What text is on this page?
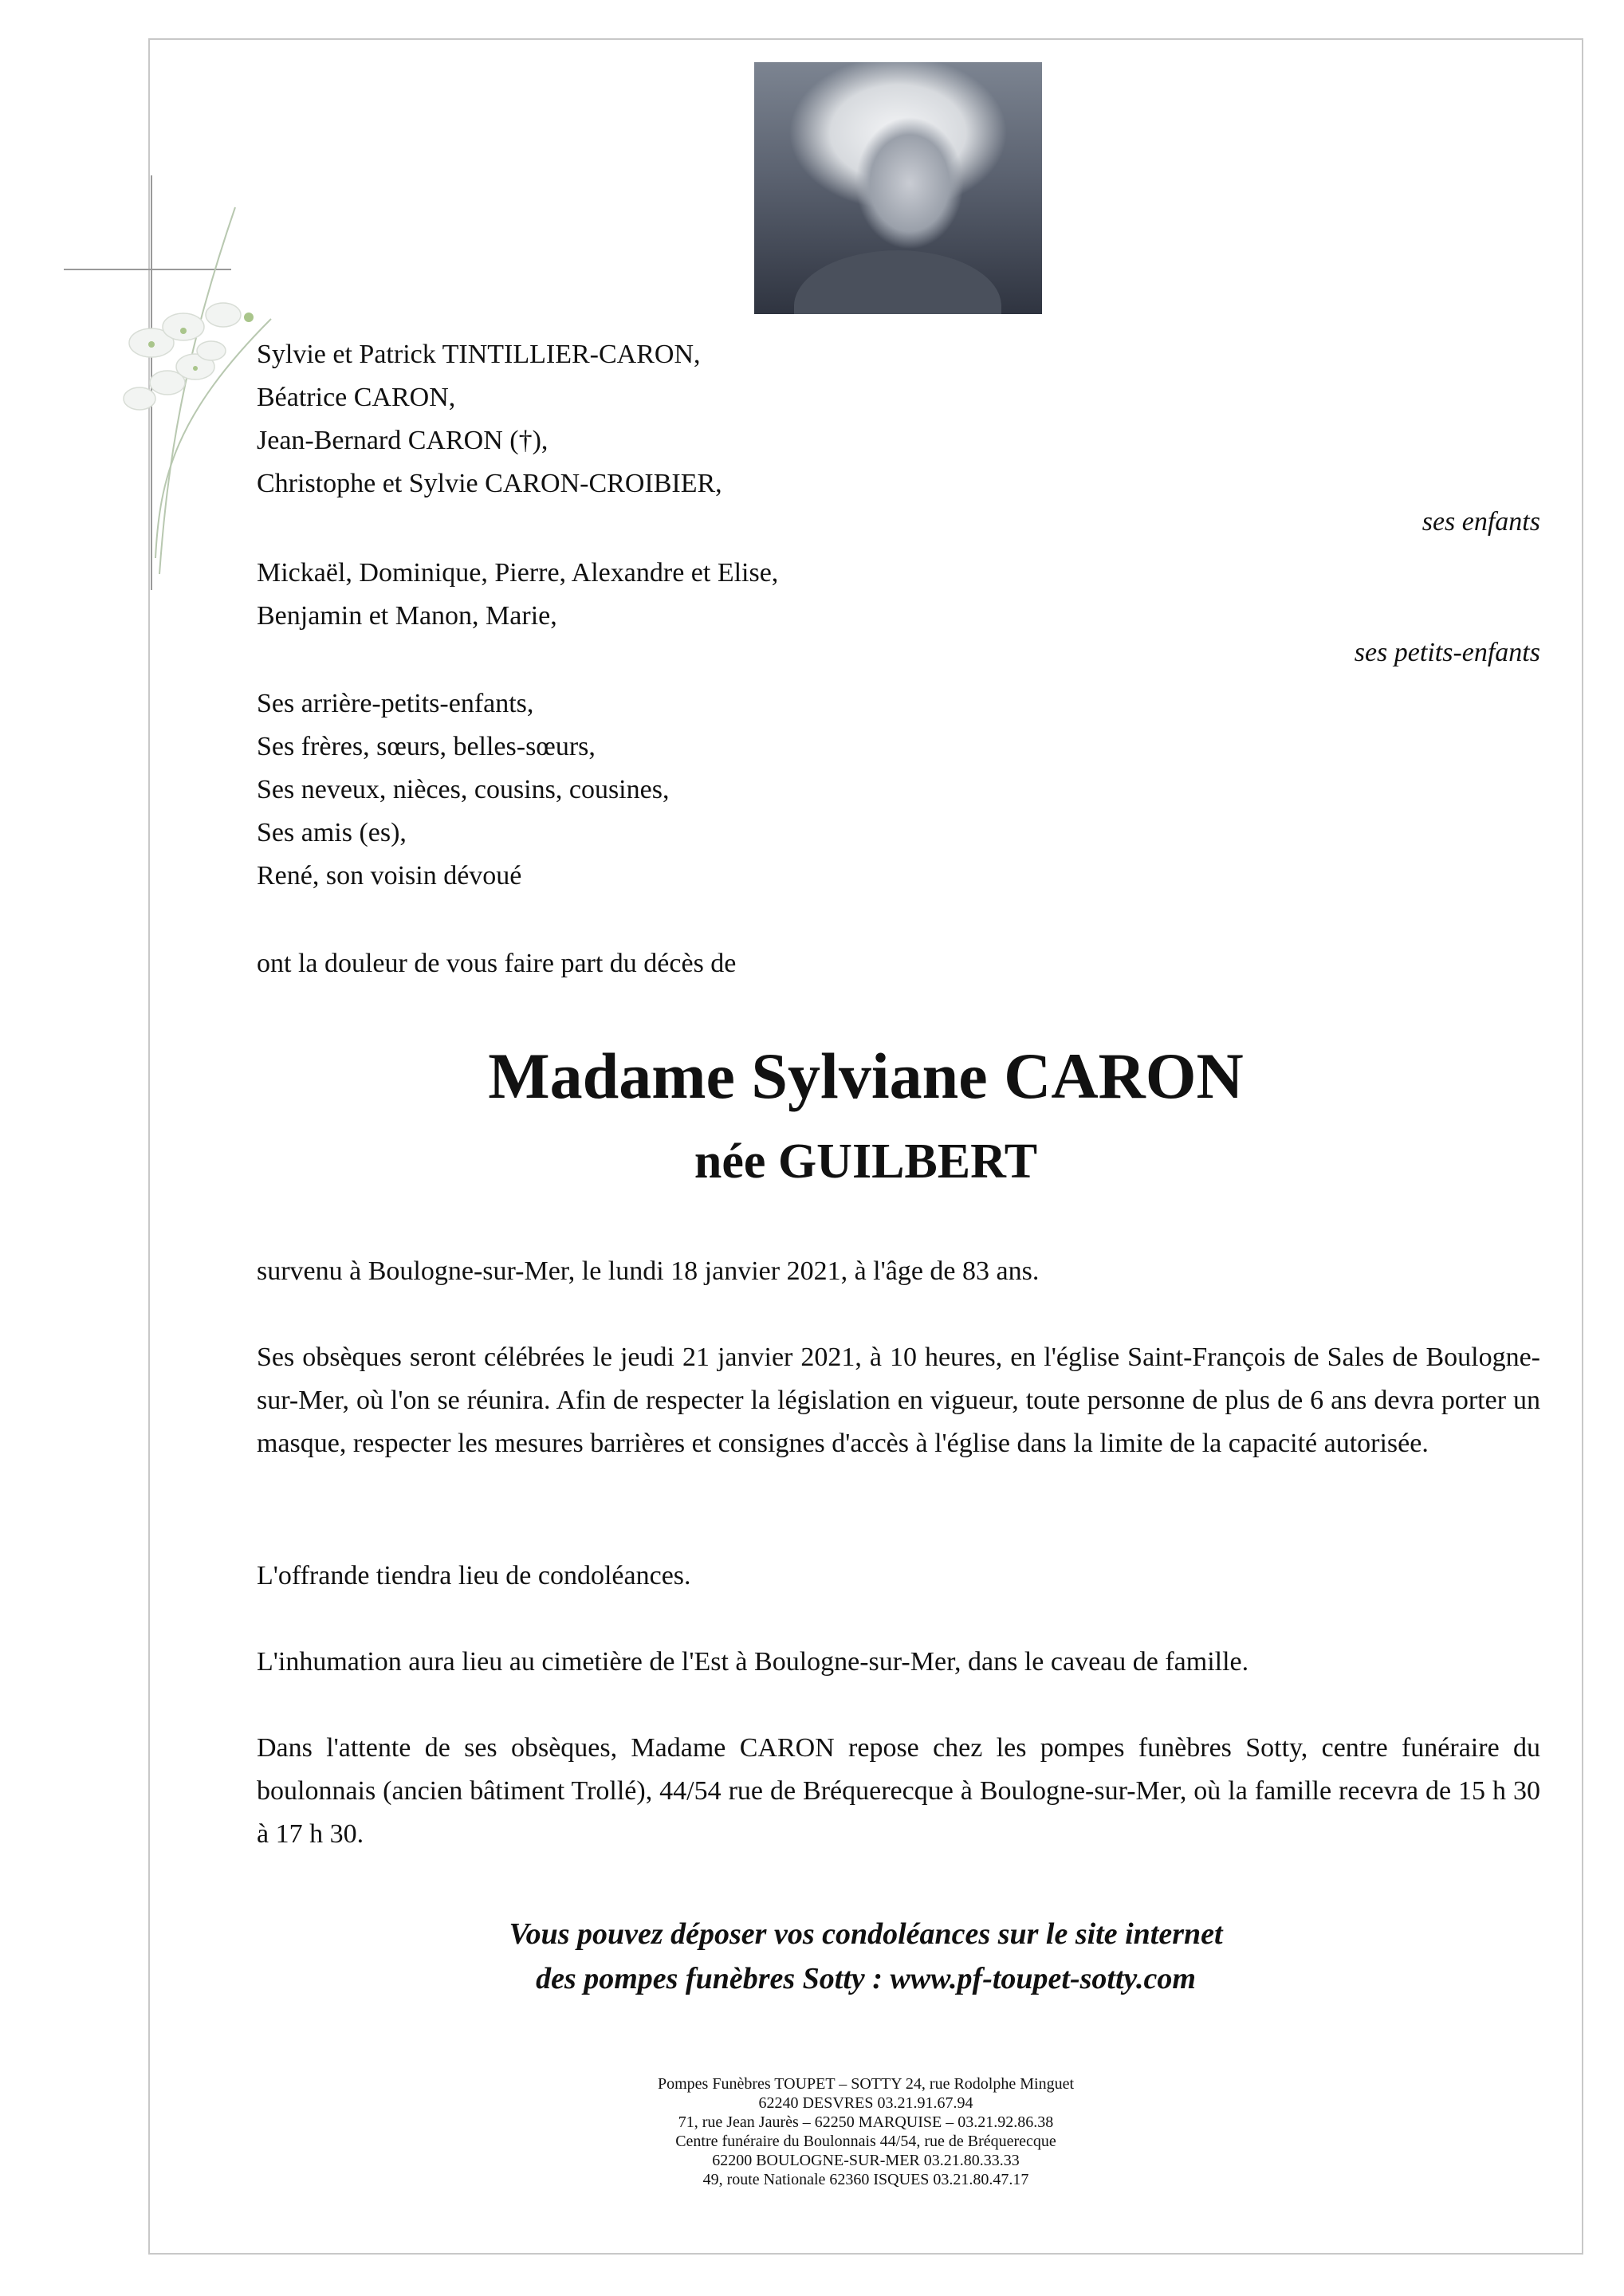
Sylvie et Patrick TINTILLIER-CARON,
Béatrice CARON,
Jean-Bernard CARON (†),
Christophe et Sylvie CARON-CROIBIER,
ses enfants
Mickaël, Dominique, Pierre, Alexandre et Elise,
Benjamin et Manon, Marie,
ses petits-enfants
Ses arrière-petits-enfants,
Ses frères, sœurs, belles-sœurs,
Ses neveux, nièces, cousins, cousines,
Ses amis (es),
René, son voisin dévoué
ont la douleur de vous faire part du décès de
Madame Sylviane CARON
née GUILBERT
survenu à Boulogne-sur-Mer, le lundi 18 janvier 2021, à l'âge de 83 ans.
Ses obsèques seront célébrées le jeudi 21 janvier 2021, à 10 heures, en l'église Saint-François de Sales de Boulogne-sur-Mer, où l'on se réunira. Afin de respecter la législation en vigueur, toute personne de plus de 6 ans devra porter un masque, respecter les mesures barrières et consignes d'accès à l'église dans la limite de la capacité autorisée.
L'offrande tiendra lieu de condoléances.
L'inhumation aura lieu au cimetière de l'Est à Boulogne-sur-Mer, dans le caveau de famille.
Dans l'attente de ses obsèques, Madame CARON repose chez les pompes funèbres Sotty, centre funéraire du boulonnais (ancien bâtiment Trollé), 44/54 rue de Bréquerecque à Boulogne-sur-Mer, où la famille recevra de 15 h 30 à 17 h 30.
Vous pouvez déposer vos condoléances sur le site internet
des pompes funèbres Sotty : www.pf-toupet-sotty.com
Pompes Funèbres TOUPET – SOTTY 24, rue Rodolphe Minguet
62240 DESVRES 03.21.91.67.94
71, rue Jean Jaurès – 62250 MARQUISE – 03.21.92.86.38
Centre funéraire du Boulonnais 44/54, rue de Bréquerecque
62200 BOULOGNE-SUR-MER 03.21.80.33.33
49, route Nationale 62360 ISQUES 03.21.80.47.17
